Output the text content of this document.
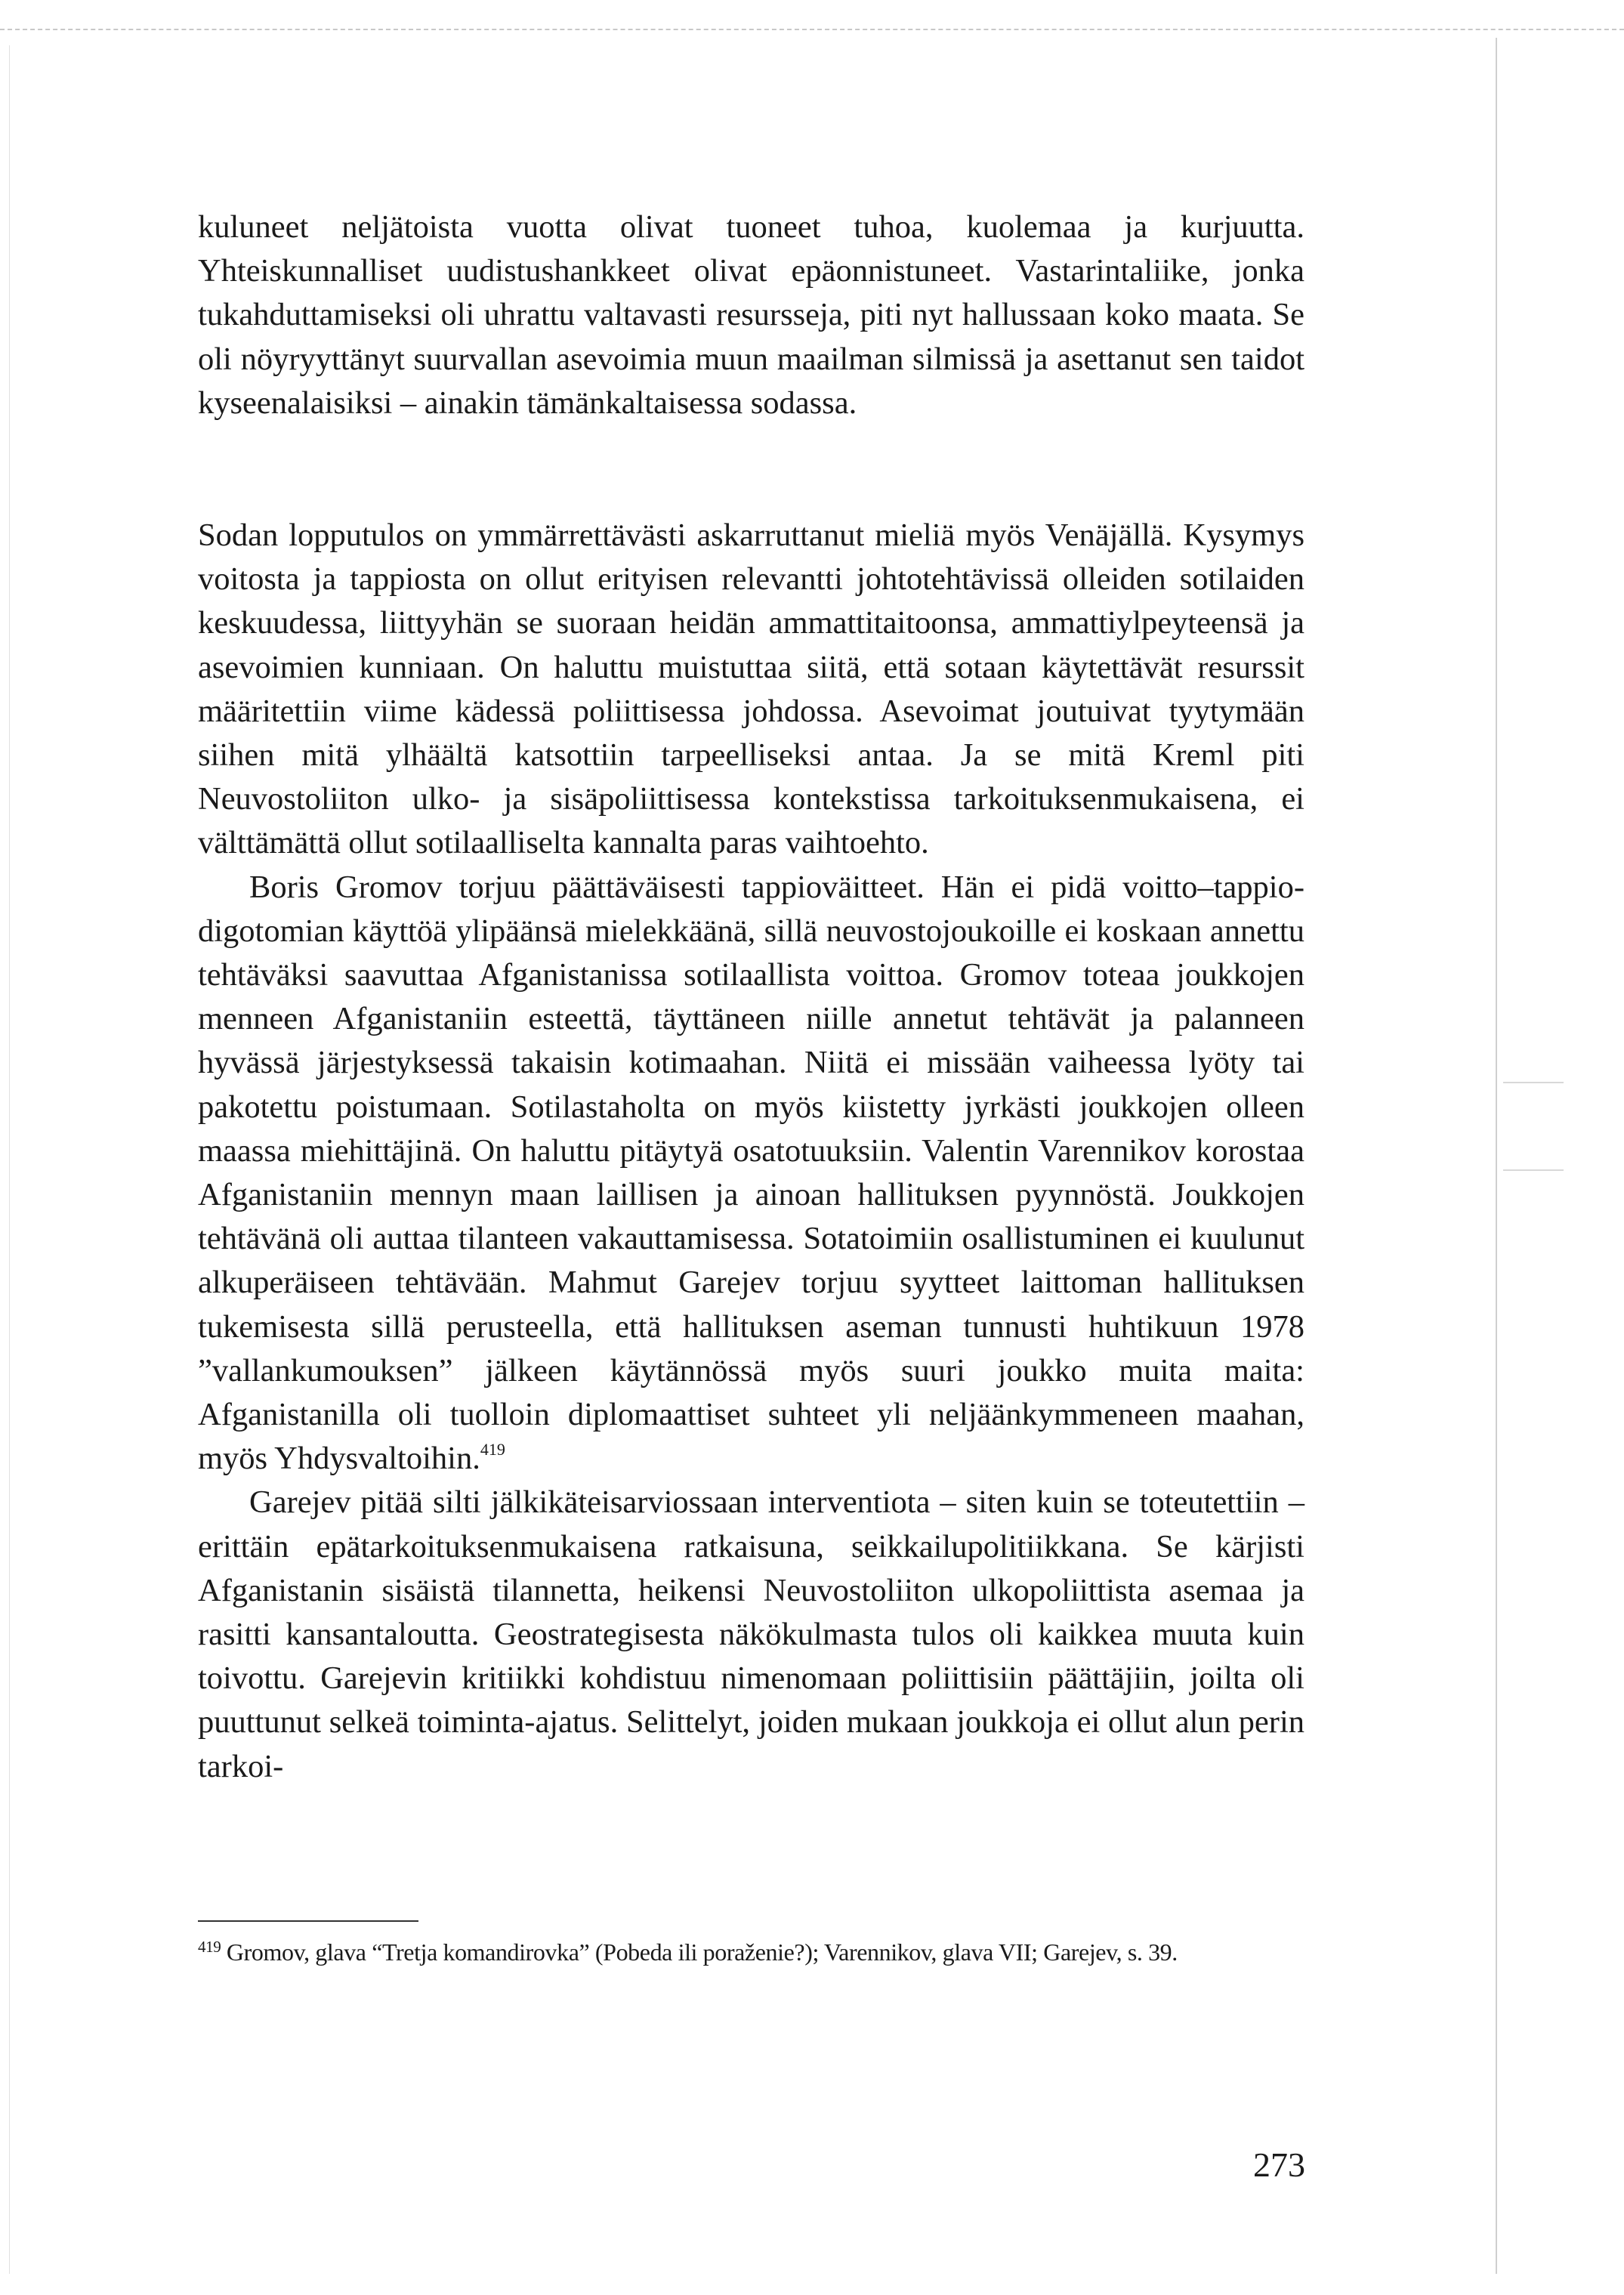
kuluneet neljätoista vuotta olivat tuoneet tuhoa, kuolemaa ja kurjuutta. Yhteiskunnalliset uudistushankkeet olivat epäonnistuneet. Vastarintaliike, jonka tukahduttamiseksi oli uhrattu valtavasti resursseja, piti nyt hallussaan koko maata. Se oli nöyryyttänyt suurvallan asevoimia muun maailman silmissä ja asettanut sen taidot kyseenalaisiksi – ainakin tämänkaltaisessa sodassa.

Sodan lopputulos on ymmärrettävästi askarruttanut mieliä myös Venäjällä. Kysymys voitosta ja tappiosta on ollut erityisen relevantti johtotehtävissä olleiden sotilaiden keskuudessa, liittyyhän se suoraan heidän ammattitaitoonsa, ammattiylpeyteensä ja asevoimien kunniaan. On haluttu muistuttaa siitä, että sotaan käytettävät resurssit määritettiin viime kädessä poliittisessa johdossa. Asevoimat joutuivat tyytymään siihen mitä ylhäältä katsottiin tarpeelliseksi antaa. Ja se mitä Kreml piti Neuvostoliiton ulko- ja sisäpoliittisessa kontekstissa tarkoituksenmukaisena, ei välttämättä ollut sotilaalliselta kannalta paras vaihtoehto.

Boris Gromov torjuu päättäväisesti tappioväitteet. Hän ei pidä voitto–tappio-digotomian käyttöä ylipäänsä mielekkäänä, sillä neuvostojoukoille ei koskaan annettu tehtäväksi saavuttaa Afganistanissa sotilaallista voittoa. Gromov toteaa joukkojen menneen Afganistaniin esteettä, täyttäneen niille annetut tehtävät ja palanneen hyvässä järjestyksessä takaisin kotimaahan. Niitä ei missään vaiheessa lyöty tai pakotettu poistumaan. Sotilastaholta on myös kiistetty jyrkästi joukkojen olleen maassa miehittäjinä. On haluttu pitäytyä osatotuuksiin. Valentin Varennikov korostaa Afganistaniin mennyn maan laillisen ja ainoan hallituksen pyynnöstä. Joukkojen tehtävänä oli auttaa tilanteen vakauttamisessa. Sotatoimiin osallistuminen ei kuulunut alkuperäiseen tehtävään. Mahmut Garejev torjuu syytteet laittoman hallituksen tukemisesta sillä perusteella, että hallituksen aseman tunnusti huhtikuun 1978 ”vallankumouksen” jälkeen käytännössä myös suuri joukko muita maita: Afganistanilla oli tuolloin diplomaattiset suhteet yli neljäänkymmeneen maahan, myös Yhdysvaltoihin.$^{419}$

Garejev pitää silti jälkikäteisarviossaan interventiota – siten kuin se toteutettiin – erittäin epätarkoituksenmukaisena ratkaisuna, seikkailupolitiikkana. Se kärjisti Afganistanin sisäistä tilannetta, heikensi Neuvostoliiton ulkopoliittista asemaa ja rasitti kansantaloutta. Geostrategisesta näkökulmasta tulos oli kaikkea muuta kuin toivottu. Garejevin kritiikki kohdistuu nimenomaan poliittisiin päättäjiin, joilta oli puuttunut selkeä toiminta-ajatus. Selittelyt, joiden mukaan joukkoja ei ollut alun perin tarkoi-

$^{419}$ Gromov, glava “Tretja komandirovka” (Pobeda ili poraženie?); Varennikov, glava VII; Garejev, s. 39.
273
